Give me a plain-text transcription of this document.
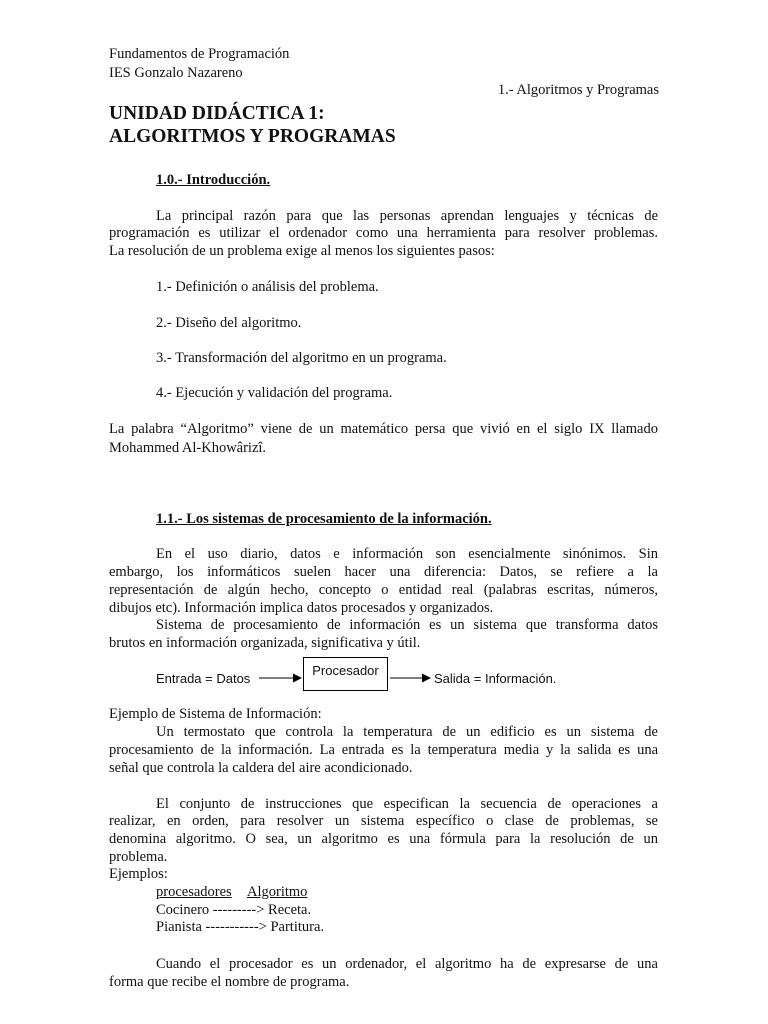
Fundamentos de Programación
IES Gonzalo Nazareno
1.- Algoritmos y Programas
UNIDAD DIDÁCTICA 1:
ALGORITMOS Y PROGRAMAS
1.0.- Introducción.
La principal razón para que las personas aprendan lenguajes y técnicas de
programación es utilizar el ordenador como una herramienta para resolver problemas.
La resolución de un problema exige al menos los siguientes pasos:
1.- Definición o análisis del problema.
2.- Diseño del algoritmo.
3.- Transformación del algoritmo en un programa.
4.- Ejecución y validación del programa.
La palabra “Algoritmo” viene de un matemático persa que vivió en el siglo IX llamado
Mohammed Al-Khowârizî.
1.1.- Los sistemas de procesamiento de la información.
En el uso diario, datos e información son esencialmente sinónimos. Sin
embargo, los informáticos suelen hacer una diferencia: Datos, se refiere a la
representación de algún hecho, concepto o entidad real (palabras escritas, números,
dibujos etc). Información implica datos procesados y organizados.
Sistema de procesamiento de información es un sistema que transforma datos
brutos en información organizada, significativa y útil.
Entrada = Datos
Procesador
Salida = Información.
Ejemplo de Sistema de Información:
Un termostato que controla la temperatura de un edificio es un sistema de
procesamiento de la información. La entrada es la temperatura media y la salida es una
señal que controla la caldera del aire acondicionado.
El conjunto de instrucciones que especifican la secuencia de operaciones a
realizar, en orden, para resolver un sistema específico o clase de problemas, se
denomina algoritmo. O sea, un algoritmo es una fórmula para la resolución de un
problema.
Ejemplos:
procesadores Algoritmo
Cocinero ---------> Receta.
Pianista -----------> Partitura.
Cuando el procesador es un ordenador, el algoritmo ha de expresarse de una
forma que recibe el nombre de programa.
